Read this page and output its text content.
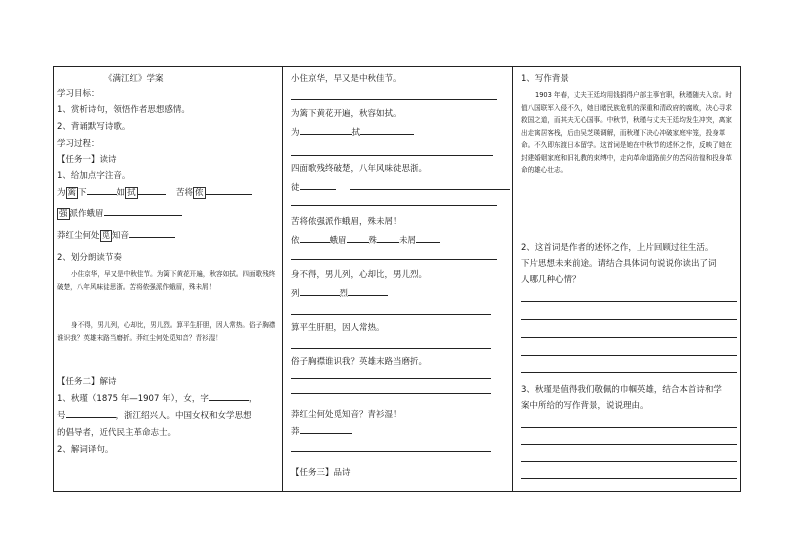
《满江红》学案
学习目标：
1、赏析诗句，领悟作者思想感情。
2、背诵默写诗歌。
学习过程：
【任务一】读诗
1、给加点字注音。
为 篱 下	如 拭	苦将 侬
强 派作蛾眉
莽红尘何处 觅 知音
2、划分朗读节奏
小住京华，早又是中秋佳节。为篱下黄花开遍，秋容如拭。四面歌残终破楚，八年风味徒思浙。苦将侬强派作蛾眉，殊未屑！
身不得，男儿列，心却比，男儿烈。算平生肝胆，因人常热。俗子胸襟谁识我？英雄末路当磨折。莽红尘何处觅知音？青衫湿！
【任务二】解诗
1、秋瑾（1875 年—1907 年），女，字	，
号	，浙江绍兴人。中国女权和女学思想
的倡导者，近代民主革命志士。
2、解词译句。
小住京华，早又是中秋佳节。
为篱下黄花开遍，秋容如拭。
为	拭
四面歌残终破楚，八年风味徒思浙。
徒
苦将侬强派作蛾眉，殊未屑！
依	蛾眉	殊	未屑
身不得，男儿列，心却比，男儿烈。
列	烈
算平生肝胆，因人常热。
俗子胸襟谁识我？英雄末路当磨折。
莽红尘何处觅知音？青衫湿！
莽
【任务三】品诗
1、写作背景
1903 年春，丈夫王廷均用钱捐得户部主事官职，秋瑾随夫入京。时值八国联军入侵不久，她目睹民族危机的深重和清政府的腐败，决心寻求救国之道，而其夫无心国事。中秋节，秋瑾与丈夫王廷均发生冲突，离家出走寓居客栈，后由吴芝瑛调解，而秋瑾下决心冲破家庭牢笼，投身革命。不久即东渡日本留学。这首词是她在中秋节的述怀之作，反映了她在封建婚姻家庭和旧礼教的束缚中，走向革命道路前夕的苦闷彷徨和投身革命的雄心壮志。
2、这首词是作者的述怀之作，上片回顾过往生活。
下片思想未来前途。请结合具体词句说说你读出了词
人哪几种心情？
3、秋瑾是值得我们敬佩的巾帼英雄，结合本首诗和学
案中所给的写作背景，说说理由。
